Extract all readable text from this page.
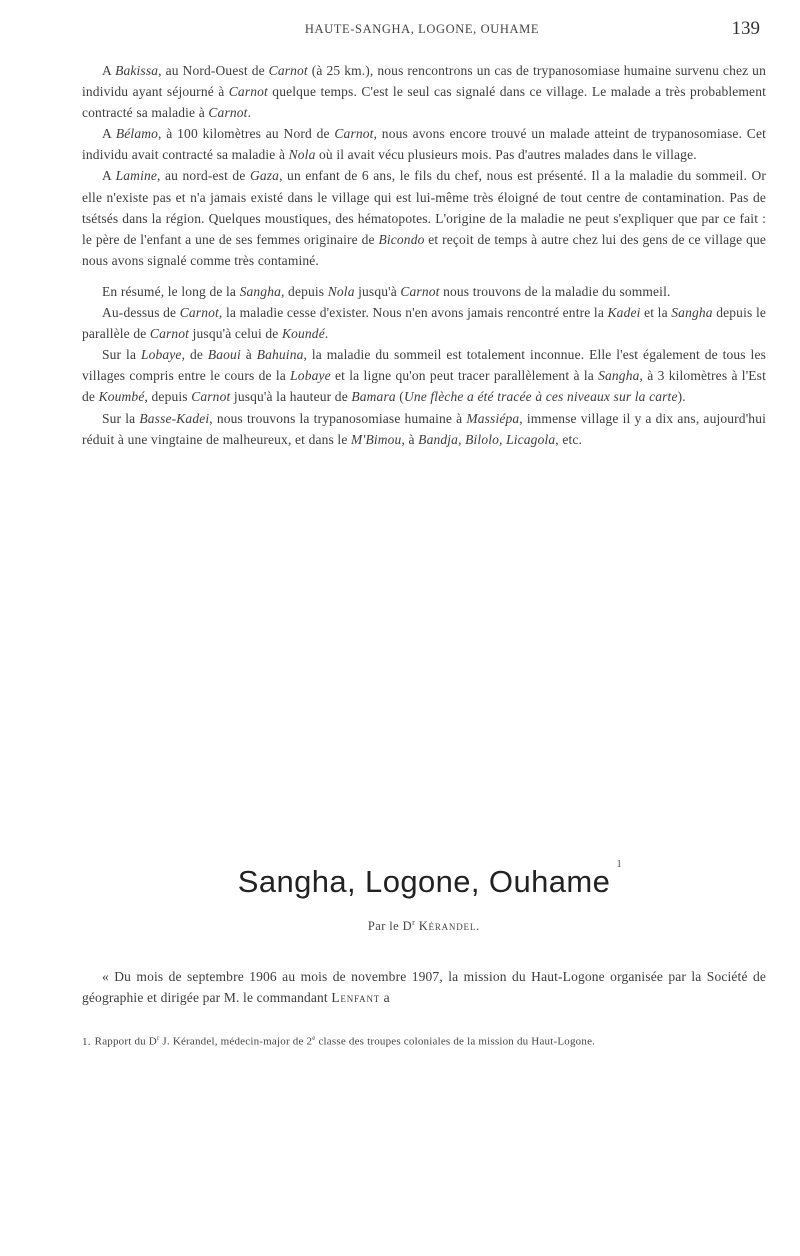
HAUTE-SANGHA, LOGONE, OUHAME	139

A Bakissa, au Nord-Ouest de Carnot (à 25 km.), nous rencontrons un cas de trypanosomiase humaine survenu chez un individu ayant séjourné à Carnot quelque temps. C'est le seul cas signalé dans ce village. Le malade a très probablement contracté sa maladie à Carnot.

A Bélamo, à 100 kilomètres au Nord de Carnot, nous avons encore trouvé un malade atteint de trypanosomiase. Cet individu avait contracté sa maladie à Nola où il avait vécu plusieurs mois. Pas d'autres malades dans le village.

A Lamine, au nord-est de Gaza, un enfant de 6 ans, le fils du chef, nous est présenté. Il a la maladie du sommeil. Or elle n'existe pas et n'a jamais existé dans le village qui est lui-même très éloigné de tout centre de contamination. Pas de tsétsés dans la région. Quelques moustiques, des hématopotes. L'origine de la maladie ne peut s'expliquer que par ce fait : le père de l'enfant a une de ses femmes originaire de Bicondo et reçoit de temps à autre chez lui des gens de ce village que nous avons signalé comme très contaminé.

En résumé, le long de la Sangha, depuis Nola jusqu'à Carnot nous trouvons de la maladie du sommeil.

Au-dessus de Carnot, la maladie cesse d'exister. Nous n'en avons jamais rencontré entre la Kadei et la Sangha depuis le parallèle de Carnot jusqu'à celui de Koundé.

Sur la Lobaye, de Baoui à Bahuina, la maladie du sommeil est totalement inconnue. Elle l'est également de tous les villages compris entre le cours de la Lobaye et la ligne qu'on peut tracer parallèlement à la Sangha, à 3 kilomètres à l'Est de Koumbé, depuis Carnot jusqu'à la hauteur de Bamara (Une flèche a été tracée à ces niveaux sur la carte).

Sur la Basse-Kadei, nous trouvons la trypanosomiase humaine à Massiépa, immense village il y a dix ans, aujourd'hui réduit à une vingtaine de malheureux, et dans le M'Bimou, à Bandja, Bilolo, Licagola, etc.

Sangha, Logone, Ouhame 1
Par le $D^r$ Kérandel.

« Du mois de septembre 1906 au mois de novembre 1907, la mission du Haut-Logone organisée par la Société de géographie et dirigée par M. le commandant Lenfant a

1. Rapport du $D^r$ J. Kérandel, médecin-major de 2e classe des troupes coloniales de la mission du Haut-Logone.
